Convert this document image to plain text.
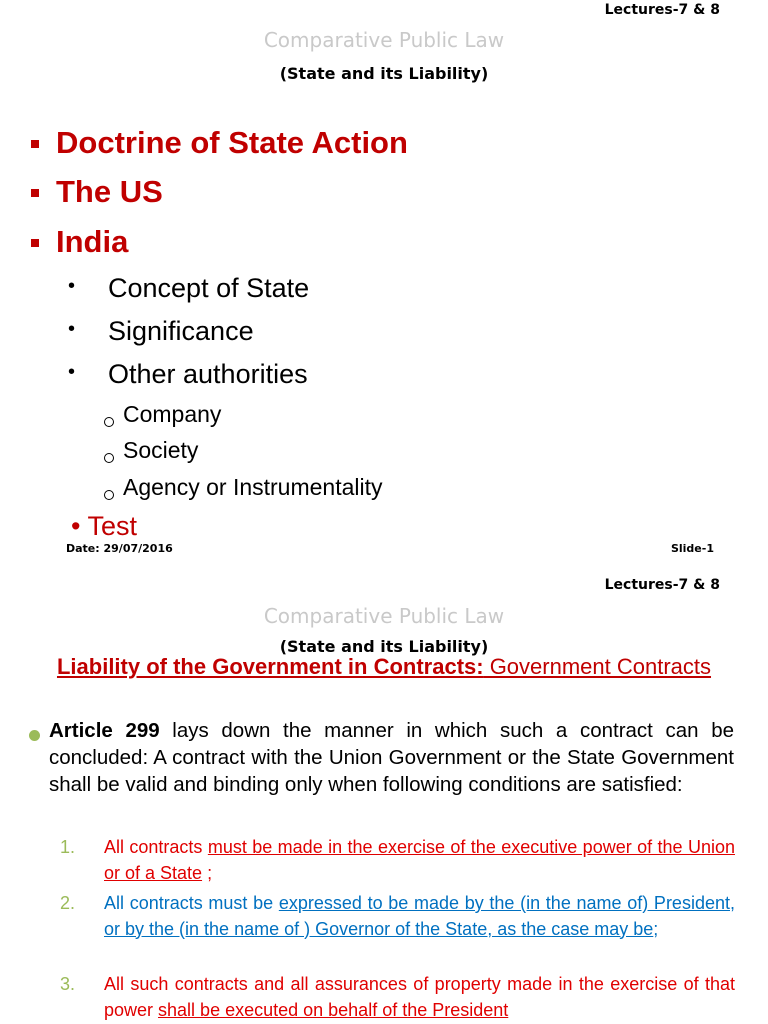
Lectures-7 & 8
Comparative Public Law
(State and its Liability)
Doctrine of State Action
The US
India
• Concept of State
• Significance
• Other authorities
Company
Society
Agency or Instrumentality
• Test
Date: 29/07/2016	Slide-1
Lectures-7 & 8
Comparative Public Law
(State and its Liability)
Liability of the Government in Contracts: Government Contracts
Article 299 lays down the manner in which such a contract can be concluded: A contract with the Union Government or the State Government shall be valid and binding only when following conditions are satisfied:
1. All contracts must be made in the exercise of the executive power of the Union or of a State ;
2. All contracts must be expressed to be made by the (in the name of) President, or by the (in the name of ) Governor of the State, as the case may be;
3. All such contracts and all assurances of property made in the exercise of that power shall be executed on behalf of the President
